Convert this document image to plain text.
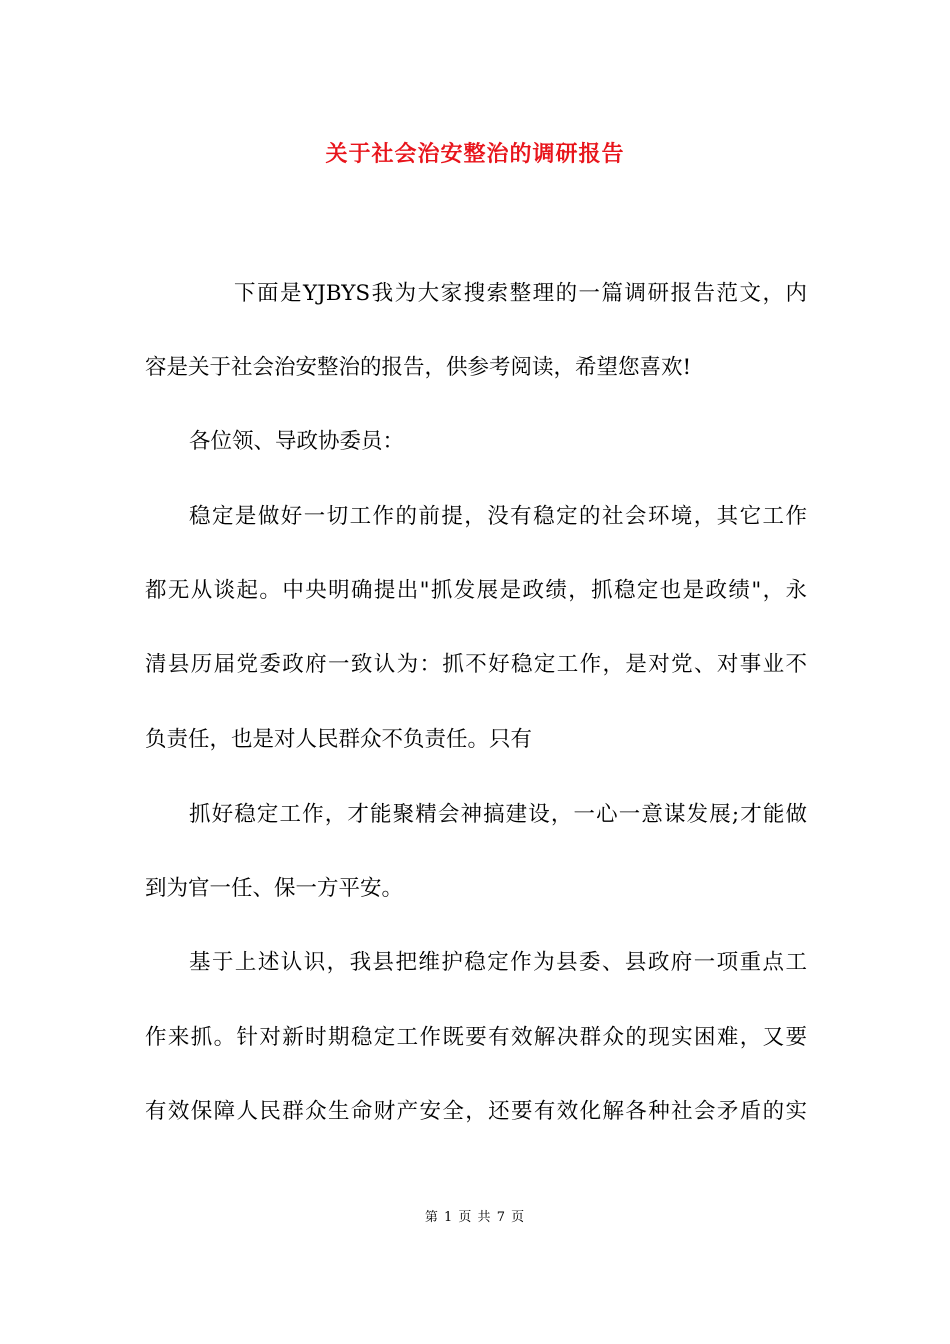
关于社会治安整治的调研报告

下面是YJBYS我为大家搜索整理的一篇调研报告范文，内

容是关于社会治安整治的报告，供参考阅读，希望您喜欢!

各位领、导政协委员：

稳定是做好一切工作的前提，没有稳定的社会环境，其它工作

都无从谈起。中央明确提出"抓发展是政绩，抓稳定也是政绩"，永

清县历届党委政府一致认为：抓不好稳定工作，是对党、对事业不

负责任，也是对人民群众不负责任。只有

抓好稳定工作，才能聚精会神搞建设，一心一意谋发展;才能做

到为官一任、保一方平安。

基于上述认识，我县把维护稳定作为县委、县政府一项重点工

作来抓。针对新时期稳定工作既要有效解决群众的现实困难，又要

有效保障人民群众生命财产安全，还要有效化解各种社会矛盾的实

第 1 页 共 7 页
